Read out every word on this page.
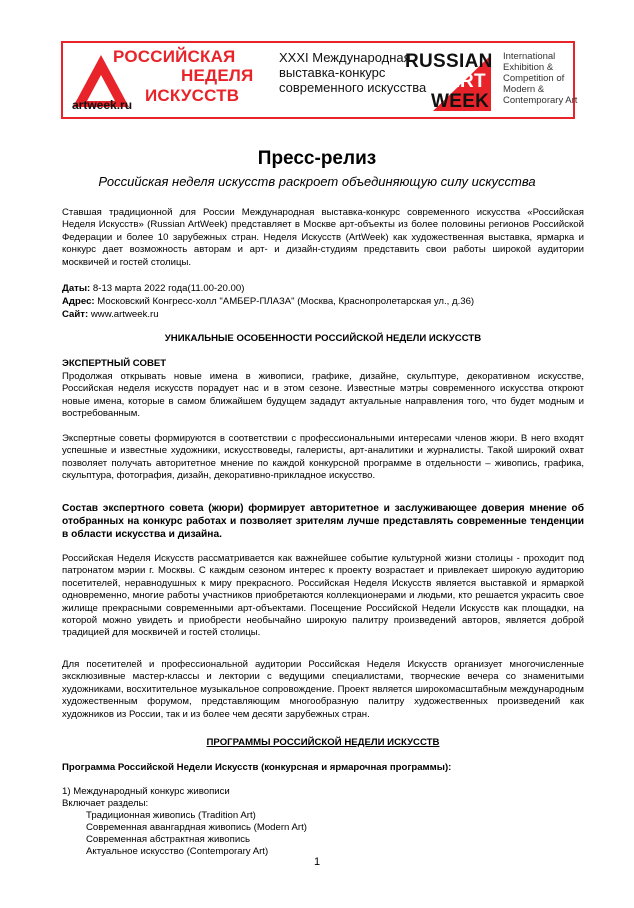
РОССИЙСКАЯ
НЕДЕЛЯ
ИСКУССТВ
artweek.ru
XXXI Международная выставка-конкурс современного искусства
RUSSIAN
ART
WEEK
International Exhibition & Competition of Modern & Contemporary Art
Пресс-релиз
Российская неделя искусств раскроет объединяющую силу искусства
Ставшая традиционной для России Международная выставка-конкурс современного искусства «Российская Неделя Искусств» (Russian ArtWeek) представляет в Москве арт-объекты из более половины регионов Российской Федерации и более 10 зарубежных стран. Неделя Искусств (ArtWeek) как художественная выставка, ярмарка и конкурс дает возможность авторам и арт- и дизайн-студиям представить свои работы широкой аудитории москвичей и гостей столицы.
Даты: 8-13 марта 2022 года(11.00-20.00)
Адрес: Московский Конгресс-холл "АМБЕР-ПЛАЗА" (Москва, Краснопролетарская ул., д.36)
Сайт: www.artweek.ru
УНИКАЛЬНЫЕ ОСОБЕННОСТИ РОССИЙСКОЙ НЕДЕЛИ ИСКУССТВ
ЭКСПЕРТНЫЙ СОВЕТ
Продолжая открывать новые имена в живописи, графике, дизайне, скульптуре, декоративном искусстве, Российская неделя искусств порадует нас и в этом сезоне. Известные мэтры современного искусства откроют новые имена, которые в самом ближайшем будущем зададут актуальные направления того, что будет модным и востребованным.
Экспертные советы формируются в соответствии с профессиональными интересами членов жюри. В него входят успешные и известные художники, искусствоведы, галеристы, арт-аналитики и журналисты. Такой широкий охват позволяет получать авторитетное мнение по каждой конкурсной программе в отдельности – живопись, графика, скульптура, фотография, дизайн, декоративно-прикладное искусство.
Состав экспертного совета (жюри) формирует авторитетное и заслуживающее доверия мнение об отобранных на конкурс работах и позволяет зрителям лучше представлять современные тенденции в области искусства и дизайна.
Российская Неделя Искусств рассматривается как важнейшее событие культурной жизни столицы - проходит под патронатом мэрии г. Москвы. С каждым сезоном интерес к проекту возрастает и привлекает широкую аудиторию посетителей, неравнодушных к миру прекрасного. Российская Неделя Искусств является выставкой и ярмаркой одновременно, многие работы участников приобретаются коллекционерами и людьми, кто решается украсить свое жилище прекрасными современными арт-объектами. Посещение Российской Недели Искусств как площадки, на которой можно увидеть и приобрести необычайно широкую палитру произведений авторов, является доброй традицией для москвичей и гостей столицы.
Для посетителей и профессиональной аудитории Российская Неделя Искусств организует многочисленные эксклюзивные мастер-классы и лектории с ведущими специалистами, творческие вечера со знаменитыми художниками, восхитительное музыкальное сопровождение. Проект является широкомасштабным международным художественным форумом, представляющим многообразную палитру художественных произведений как художников из России, так и из более чем десяти зарубежных стран.
ПРОГРАММЫ РОССИЙСКОЙ НЕДЕЛИ ИСКУССТВ
Программа Российской Недели Искусств (конкурсная и ярмарочная программы):
1) Международный конкурс живописи
Включает разделы:
Традиционная живопись (Tradition Art)
Современная авангардная живопись (Modern Art)
Современная абстрактная живопись
Актуальное искусство (Contemporary Art)
1
